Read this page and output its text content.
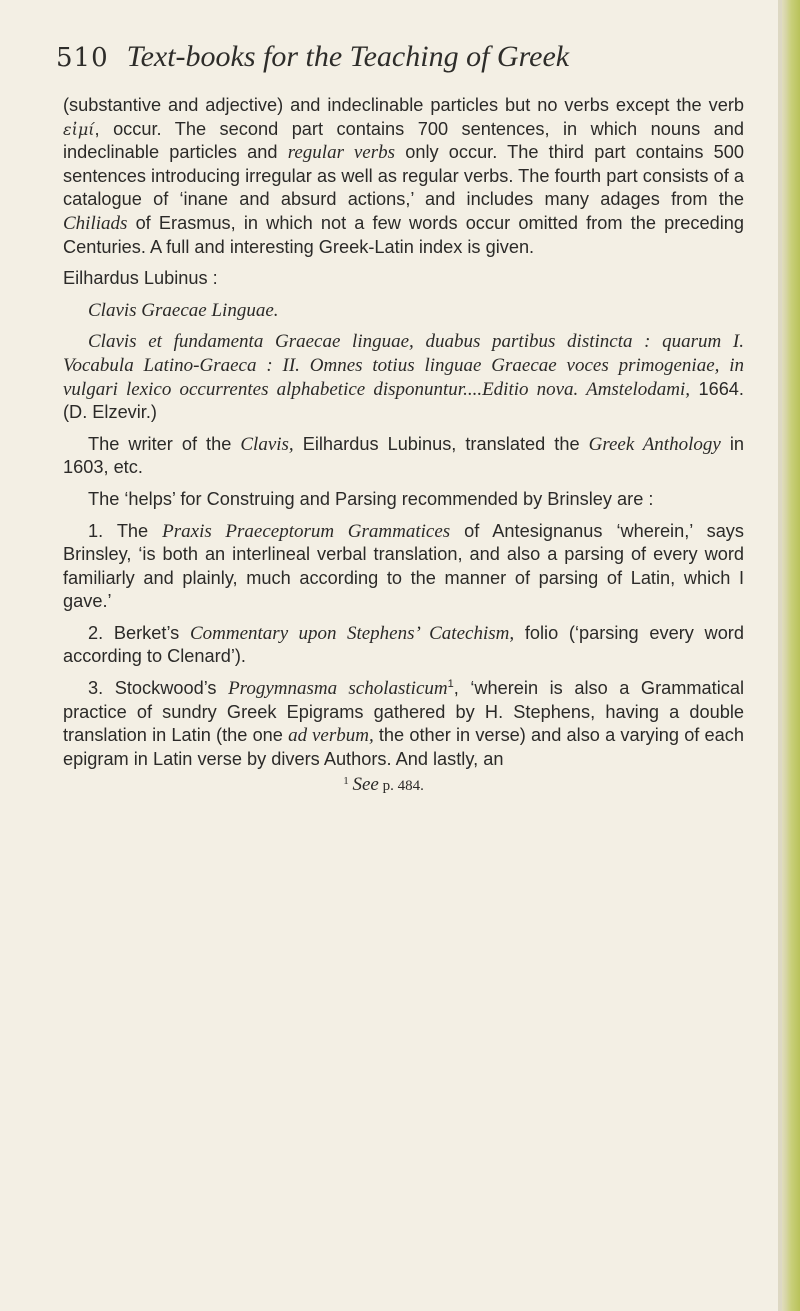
510 Text-books for the Teaching of Greek

(substantive and adjective) and indeclinable particles but no verbs except the verb εἰμί, occur. The second part contains 700 sentences, in which nouns and indeclinable particles and regular verbs only occur. The third part contains 500 sentences introducing irregular as well as regular verbs. The fourth part consists of a catalogue of ‘inane and absurd actions,’ and includes many adages from the Chiliads of Erasmus, in which not a few words occur omitted from the preceding Centuries. A full and interesting Greek-Latin index is given.

Eilhardus Lubinus :

Clavis Graecae Linguae.

Clavis et fundamenta Graecae linguae, duabus partibus distincta : quarum I. Vocabula Latino-Graeca : II. Omnes totius linguae Graecae voces primogeniae, in vulgari lexico occurrentes alphabetice disponuntur....Editio nova. Amstelodami, 1664. (D. Elzevir.)

The writer of the Clavis, Eilhardus Lubinus, translated the Greek Anthology in 1603, etc.

The ‘helps’ for Construing and Parsing recommended by Brinsley are :

1. The Praxis Praeceptorum Grammatices of Antesignanus ‘wherein,’ says Brinsley, ‘is both an interlineal verbal translation, and also a parsing of every word familiarly and plainly, much according to the manner of parsing of Latin, which I gave.’

2. Berket’s Commentary upon Stephens’ Catechism, folio (‘parsing every word according to Clenard’).

3. Stockwood’s Progymnasma scholasticum$^1$, ‘wherein is also a Grammatical practice of sundry Greek Epigrams gathered by H. Stephens, having a double translation in Latin (the one ad verbum, the other in verse) and also a varying of each epigram in Latin verse by divers Authors. And lastly, an

$^1$ See p. 484.
